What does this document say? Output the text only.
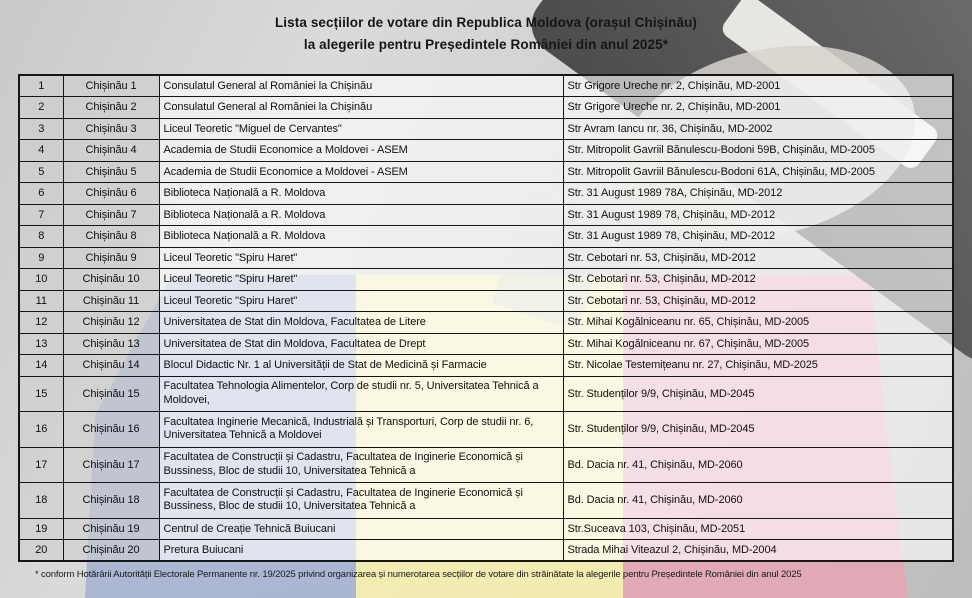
Lista secțiilor de votare din Republica Moldova (orașul Chișinău)
la alegerile pentru Președintele României din anul 2025*
1	Chișinău 1	Consulatul General al României la Chișinău	Str Grigore Ureche nr. 2, Chișinău, MD-2001
2	Chișinău 2	Consulatul General al României la Chișinău	Str Grigore Ureche nr. 2, Chișinău, MD-2001
3	Chișinău 3	Liceul Teoretic "Miguel de Cervantes"	Str Avram Iancu nr. 36, Chișinău, MD-2002
4	Chișinău 4	Academia de Studii Economice a Moldovei - ASEM	Str. Mitropolit Gavriil Bănulescu-Bodoni 59B, Chișinău, MD-2005
5	Chișinău 5	Academia de Studii Economice a Moldovei - ASEM	Str. Mitropolit Gavriil Bănulescu-Bodoni 61A, Chișinău, MD-2005
6	Chișinău 6	Biblioteca Națională a R. Moldova	Str. 31 August 1989 78A, Chișinău, MD-2012
7	Chișinău 7	Biblioteca Națională a R. Moldova	Str. 31 August 1989 78, Chișinău, MD-2012
8	Chișinău 8	Biblioteca Națională a R. Moldova	Str. 31 August 1989 78, Chișinău, MD-2012
9	Chișinău 9	Liceul Teoretic "Spiru Haret"	Str. Cebotari nr. 53, Chișinău, MD-2012
10	Chișinău 10	Liceul Teoretic "Spiru Haret"	Str. Cebotari nr. 53, Chișinău, MD-2012
11	Chișinău 11	Liceul Teoretic "Spiru Haret"	Str. Cebotari nr. 53, Chișinău, MD-2012
12	Chișinău 12	Universitatea de Stat din Moldova, Facultatea de Litere	Str. Mihai Kogălniceanu nr. 65, Chișinău, MD-2005
13	Chișinău 13	Universitatea de Stat din Moldova, Facultatea de Drept	Str. Mihai Kogălniceanu nr. 67, Chișinău, MD-2005
14	Chișinău 14	Blocul Didactic Nr. 1 al Universității de Stat de Medicină și Farmacie	Str. Nicolae Testemițeanu nr. 27, Chișinău, MD-2025
15	Chișinău 15	Facultatea Tehnologia Alimentelor, Corp de studii nr. 5, Universitatea Tehnică a Moldovei,	Str. Studenților 9/9, Chișinău, MD-2045
16	Chișinău 16	Facultatea Inginerie Mecanică, Industrială și Transporturi, Corp de studii nr. 6, Universitatea Tehnică a Moldovei	Str. Studenților 9/9, Chișinău, MD-2045
17	Chișinău 17	Facultatea de Construcții și Cadastru, Facultatea de Inginerie Economică și Bussiness, Bloc de studii 10, Universitatea Tehnică a	Bd. Dacia nr. 41, Chișinău, MD-2060
18	Chișinău 18	Facultatea de Construcții și Cadastru, Facultatea de Inginerie Economică și Bussiness, Bloc de studii 10, Universitatea Tehnică a	Bd. Dacia nr. 41, Chișinău, MD-2060
19	Chișinău 19	Centrul de Creație Tehnică Buiucani	Str.Suceava 103, Chișinău, MD-2051
20	Chișinău 20	Pretura Buiucani	Strada Mihai Viteazul 2, Chișinău, MD-2004
* conform Hotărârii Autorității Electorale Permanente nr. 19/2025 privind organizarea și numerotarea secțiilor de votare din străinătate la alegerile pentru Președintele României din anul 2025
